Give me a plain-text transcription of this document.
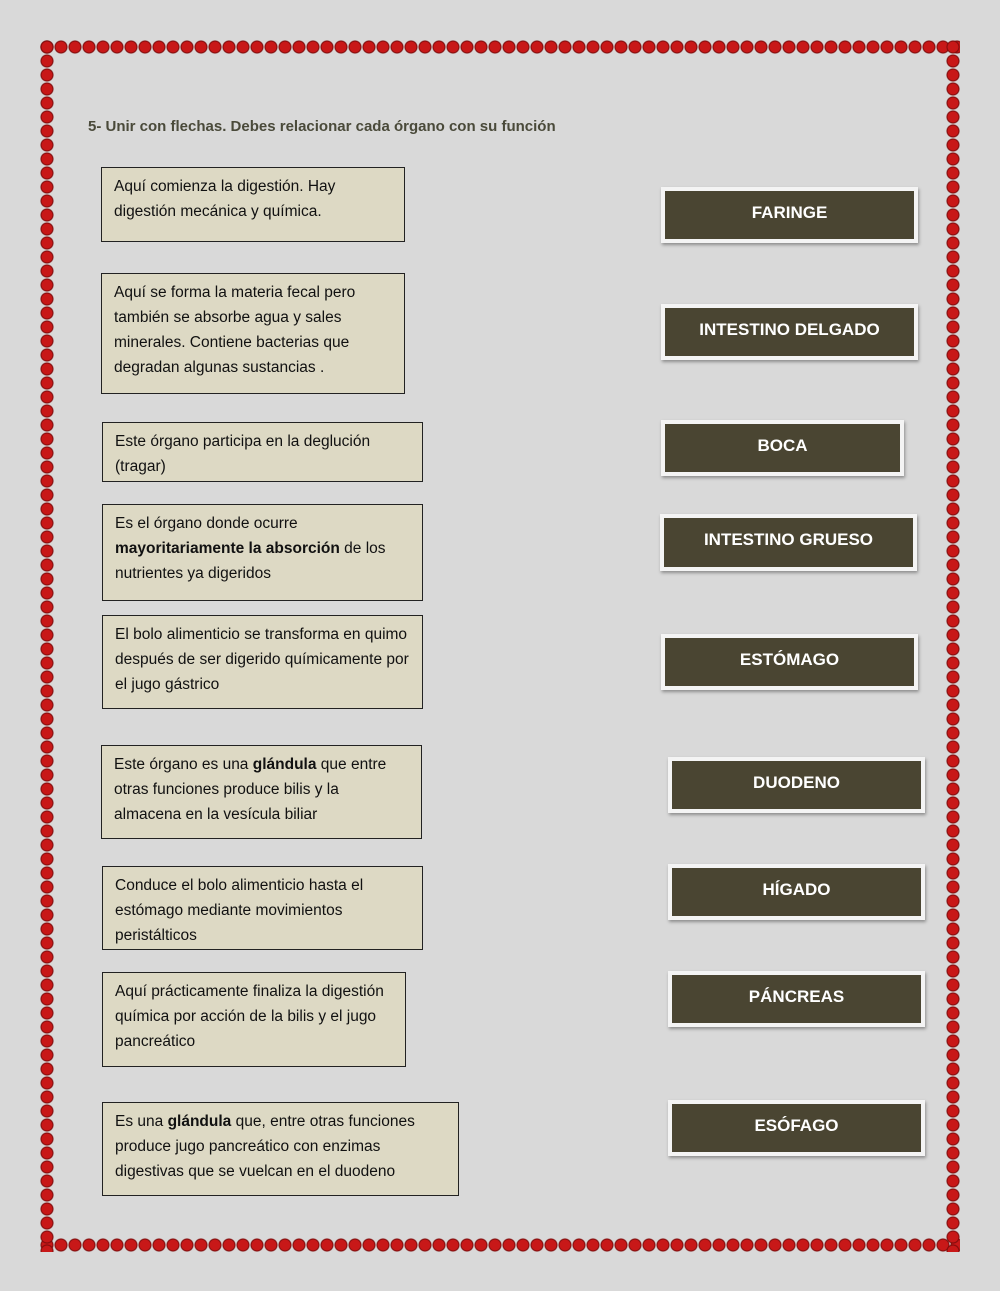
5- Unir con flechas. Debes relacionar cada órgano con su función
Aquí comienza la digestión. Hay digestión mecánica y química.
Aquí se forma la materia fecal pero también se absorbe agua y sales minerales. Contiene bacterias que degradan algunas sustancias .
Este órgano participa en la deglución (tragar)
Es el órgano donde ocurre mayoritariamente la absorción de los nutrientes ya digeridos
El bolo alimenticio se transforma en quimo después de ser digerido químicamente por el jugo gástrico
Este órgano es una glándula que entre otras funciones produce bilis y la almacena en la vesícula biliar
Conduce el bolo alimenticio hasta el estómago mediante movimientos peristálticos
Aquí prácticamente finaliza la digestión química por acción de la bilis y el jugo pancreático
Es una glándula que, entre otras funciones produce jugo pancreático con enzimas digestivas que se vuelcan en el duodeno
FARINGE
INTESTINO DELGADO
BOCA
INTESTINO GRUESO
ESTÓMAGO
DUODENO
HÍGADO
PÁNCREAS
ESÓFAGO
